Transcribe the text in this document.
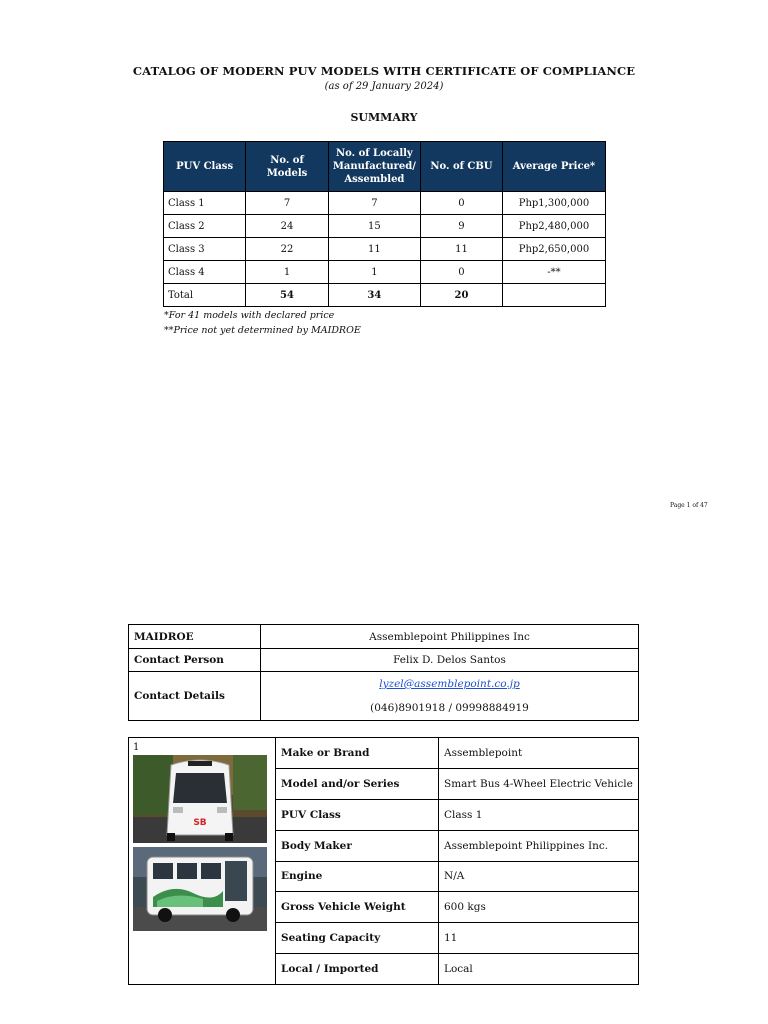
CATALOG OF MODERN PUV MODELS WITH CERTIFICATE OF COMPLIANCE
(as of 29 January 2024)
SUMMARY
PUV Class	No. of Models	No. of Locally Manufactured/ Assembled	No. of CBU	Average Price*
Class 1	7	7	0	Php1,300,000
Class 2	24	15	9	Php2,480,000
Class 3	22	11	11	Php2,650,000
Class 4	1	1	0	-**
Total	54	34	20	
*For 41 models with declared price
**Price not yet determined by MAIDROE
Page 1 of 47
MAIDROE	Assemblepoint Philippines Inc
Contact Person	Felix D. Delos Santos
Contact Details	lyzel@assemblepoint.co.jp
(046)8901918 / 09998884919
1
SB	Make or Brand	Assemblepoint
	Model and/or Series	Smart Bus 4-Wheel Electric Vehicle
	PUV Class	Class 1
	Body Maker	Assemblepoint Philippines Inc.
	Engine	N/A
	Gross Vehicle Weight	600 kgs
	Seating Capacity	11
	Local / Imported	Local
